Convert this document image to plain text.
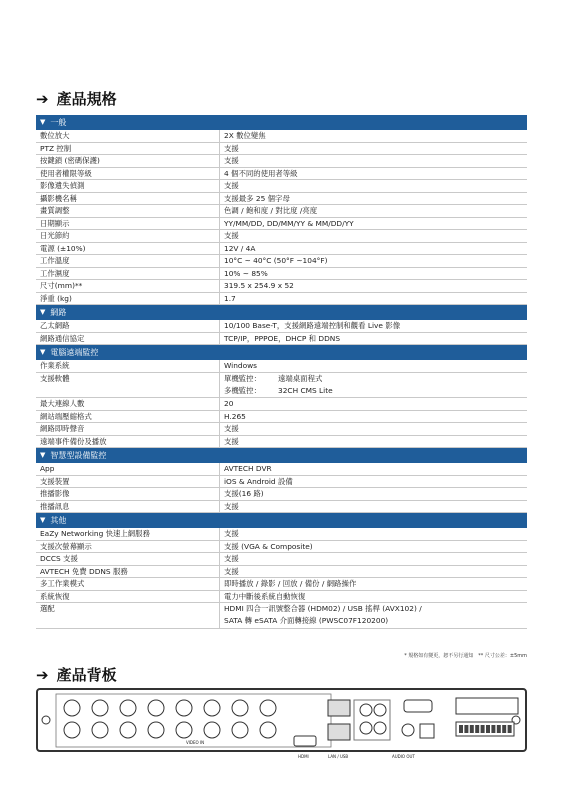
➔ 產品規格
▼ 一般
數位放大	2X 數位變焦
PTZ 控制	支援
按鍵鎖 (密碼保護)	支援
使用者權限等級	4 個不同的使用者等級
影像遺失偵測	支援
攝影機名稱	支援最多 25 個字母
畫質調整	色調 / 飽和度 / 對比度 /亮度
日期顯示	YY/MM/DD, DD/MM/YY & MM/DD/YY
日光節約	支援
電源 (±10%)	12V / 4A
工作溫度	10°C ~ 40°C (50°F ~104°F)
工作濕度	10% ~ 85%
尺寸(mm)**	319.5 x 254.9 x 52
淨重 (kg)	1.7
▼ 網路
乙太網路	10/100 Base-T，支援網路遠端控制和觀看 Live 影像
網路通信協定	TCP/IP，PPPOE，DHCP 和 DDNS
▼ 電腦遠端監控
作業系統	Windows
支援軟體	單機監控：	遠端桌面程式
多機監控：	32CH CMS Lite
最大連線人數	20
網站端壓縮格式	H.265
網路即時聲音	支援
遠端事件備份及播放	支援
▼ 智慧型設備監控
App	AVTECH DVR
支援裝置	iOS & Android 設備
推播影像	支援(16 路)
推播訊息	支援
▼ 其他
EaZy Networking 快速上網服務	支援
支援次螢幕顯示	支援 (VGA & Composite)
DCCS 支援	支援
AVTECH 免費 DDNS 服務	支援
多工作業模式	即時播放 / 錄影 / 回放 / 備份 / 網路操作
系統恢復	電力中斷後系統自動恢復
選配	HDMI 四合一訊號整合器 (HDM02) / USB 搖桿 (AVX102) /
SATA 轉 eSATA 介面轉接線 (PWSC07F120200)
* 規格如有變更，恕不另行通知　** 尺寸公差：±5mm
➔ 產品背板
VIDEO IN
HDMI	LAN / USB	AUDIO OUT
